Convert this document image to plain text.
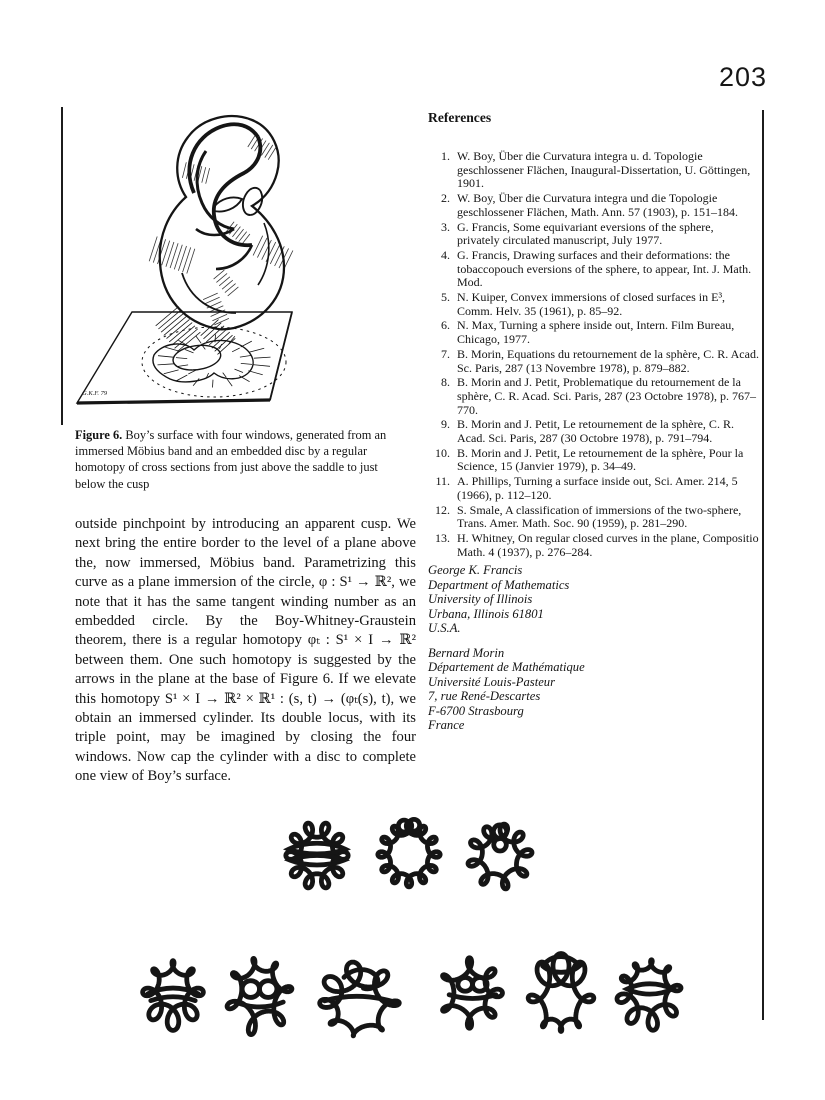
203
G.K.F. 79

Figure 6. Boy’s surface with four windows, generated from an immersed Möbius band and an embedded disc by a regular homotopy of cross sections from just above the saddle to just below the cusp

outside pinchpoint by introducing an apparent cusp. We next bring the entire border to the level of a plane above the, now immersed, Möbius band. Parametrizing this curve as a plane immersion of the circle, φ : S¹ → ℝ², we note that it has the same tangent winding number as an embedded circle. By the Boy-Whitney-Graustein theorem, there is a regular homotopy φₜ : S¹ × I → ℝ² between them. One such homotopy is suggested by the arrows in the plane at the base of Figure 6. If we elevate this homotopy S¹ × I → ℝ² × ℝ¹ : (s, t) → (φₜ(s), t), we obtain an immersed cylinder. Its double locus, with its triple point, may be imagined by closing the four windows. Now cap the cylinder with a disc to complete one view of Boy’s surface.

References
1. W. Boy, Über die Curvatura integra u. d. Topologie geschlossener Flächen, Inaugural-Dissertation, U. Göttingen, 1901.
2. W. Boy, Über die Curvatura integra und die Topologie geschlossener Flächen, Math. Ann. 57 (1903), p. 151–184.
3. G. Francis, Some equivariant eversions of the sphere, privately circulated manuscript, July 1977.
4. G. Francis, Drawing surfaces and their deformations: the tobaccopouch eversions of the sphere, to appear, Int. J. Math. Mod.
5. N. Kuiper, Convex immersions of closed surfaces in E³, Comm. Helv. 35 (1961), p. 85–92.
6. N. Max, Turning a sphere inside out, Intern. Film Bureau, Chicago, 1977.
7. B. Morin, Equations du retournement de la sphère, C. R. Acad. Sc. Paris, 287 (13 Novembre 1978), p. 879–882.
8. B. Morin and J. Petit, Problematique du retournement de la sphère, C. R. Acad. Sci. Paris, 287 (23 Octobre 1978), p. 767–770.
9. B. Morin and J. Petit, Le retournement de la sphère, C. R. Acad. Sci. Paris, 287 (30 Octobre 1978), p. 791–794.
10. B. Morin and J. Petit, Le retournement de la sphère, Pour la Science, 15 (Janvier 1979), p. 34–49.
11. A. Phillips, Turning a surface inside out, Sci. Amer. 214, 5 (1966), p. 112–120.
12. S. Smale, A classification of immersions of the two-sphere, Trans. Amer. Math. Soc. 90 (1959), p. 281–290.
13. H. Whitney, On regular closed curves in the plane, Compositio Math. 4 (1937), p. 276–284.
George K. Francis
Department of Mathematics
University of Illinois
Urbana, Illinois 61801
U.S.A.
Bernard Morin
Département de Mathématique
Université Louis-Pasteur
7, rue René-Descartes
F-6700 Strasbourg
France
